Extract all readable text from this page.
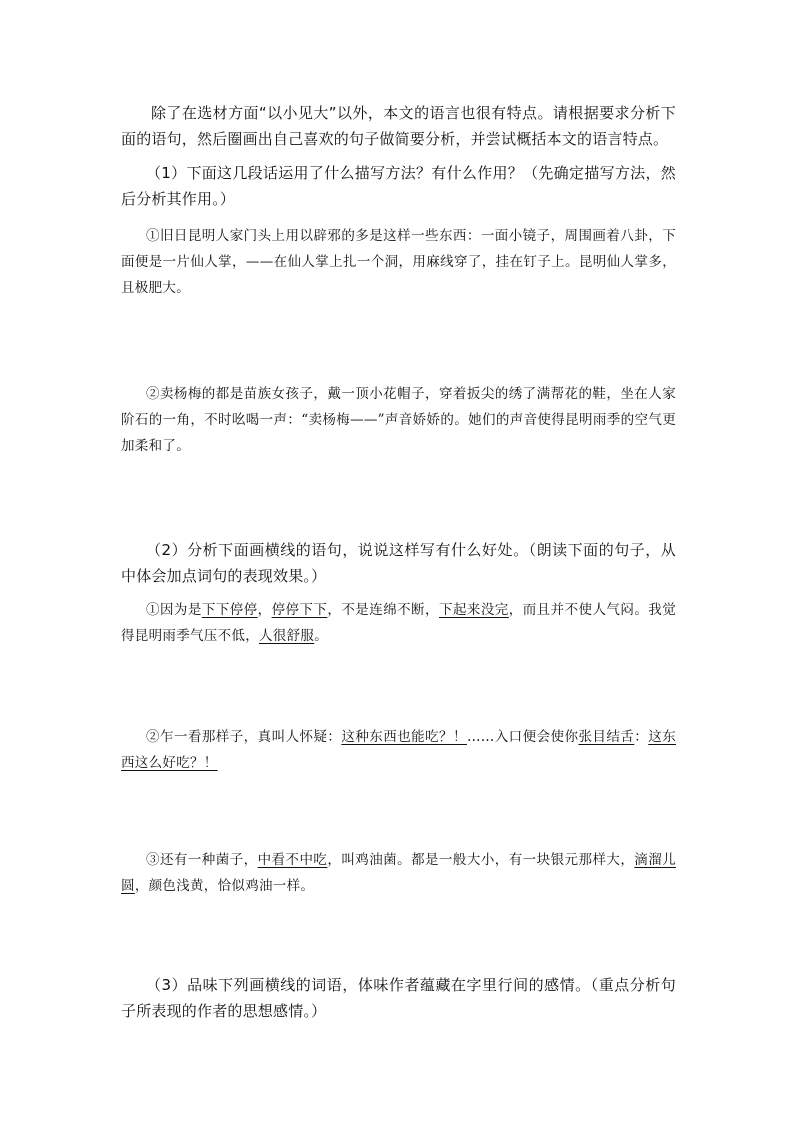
除了在选材方面“以小见大”以外，本文的语言也很有特点。请根据要求分析下面的语句，然后圈画出自己喜欢的句子做简要分析，并尝试概括本文的语言特点。

（1）下面这几段话运用了什么描写方法？有什么作用？（先确定描写方法，然后分析其作用。）

①旧日昆明人家门头上用以辟邪的多是这样一些东西：一面小镜子，周围画着八卦，下面便是一片仙人掌，——在仙人掌上扎一个洞，用麻线穿了，挂在钉子上。昆明仙人掌多，且极肥大。

②卖杨梅的都是苗族女孩子，戴一顶小花帽子，穿着扳尖的绣了满帮花的鞋，坐在人家阶石的一角，不时吆喝一声：“卖杨梅——”声音娇娇的。她们的声音使得昆明雨季的空气更加柔和了。

（2）分析下面画横线的语句，说说这样写有什么好处。（朗读下面的句子，从中体会加点词句的表现效果。）

①因为是下下停停，停停下下，不是连绵不断，下起来没完，而且并不使人气闷。我觉得昆明雨季气压不低，人很舒服。

②乍一看那样子，真叫人怀疑：这种东西也能吃？！……入口便会使你张目结舌：这东西这么好吃？！

③还有一种菌子，中看不中吃，叫鸡油菌。都是一般大小，有一块银元那样大，滴溜儿圆，颜色浅黄，恰似鸡油一样。

（3）品味下列画横线的词语，体味作者蕴藏在字里行间的感情。（重点分析句子所表现的作者的思想感情。）
